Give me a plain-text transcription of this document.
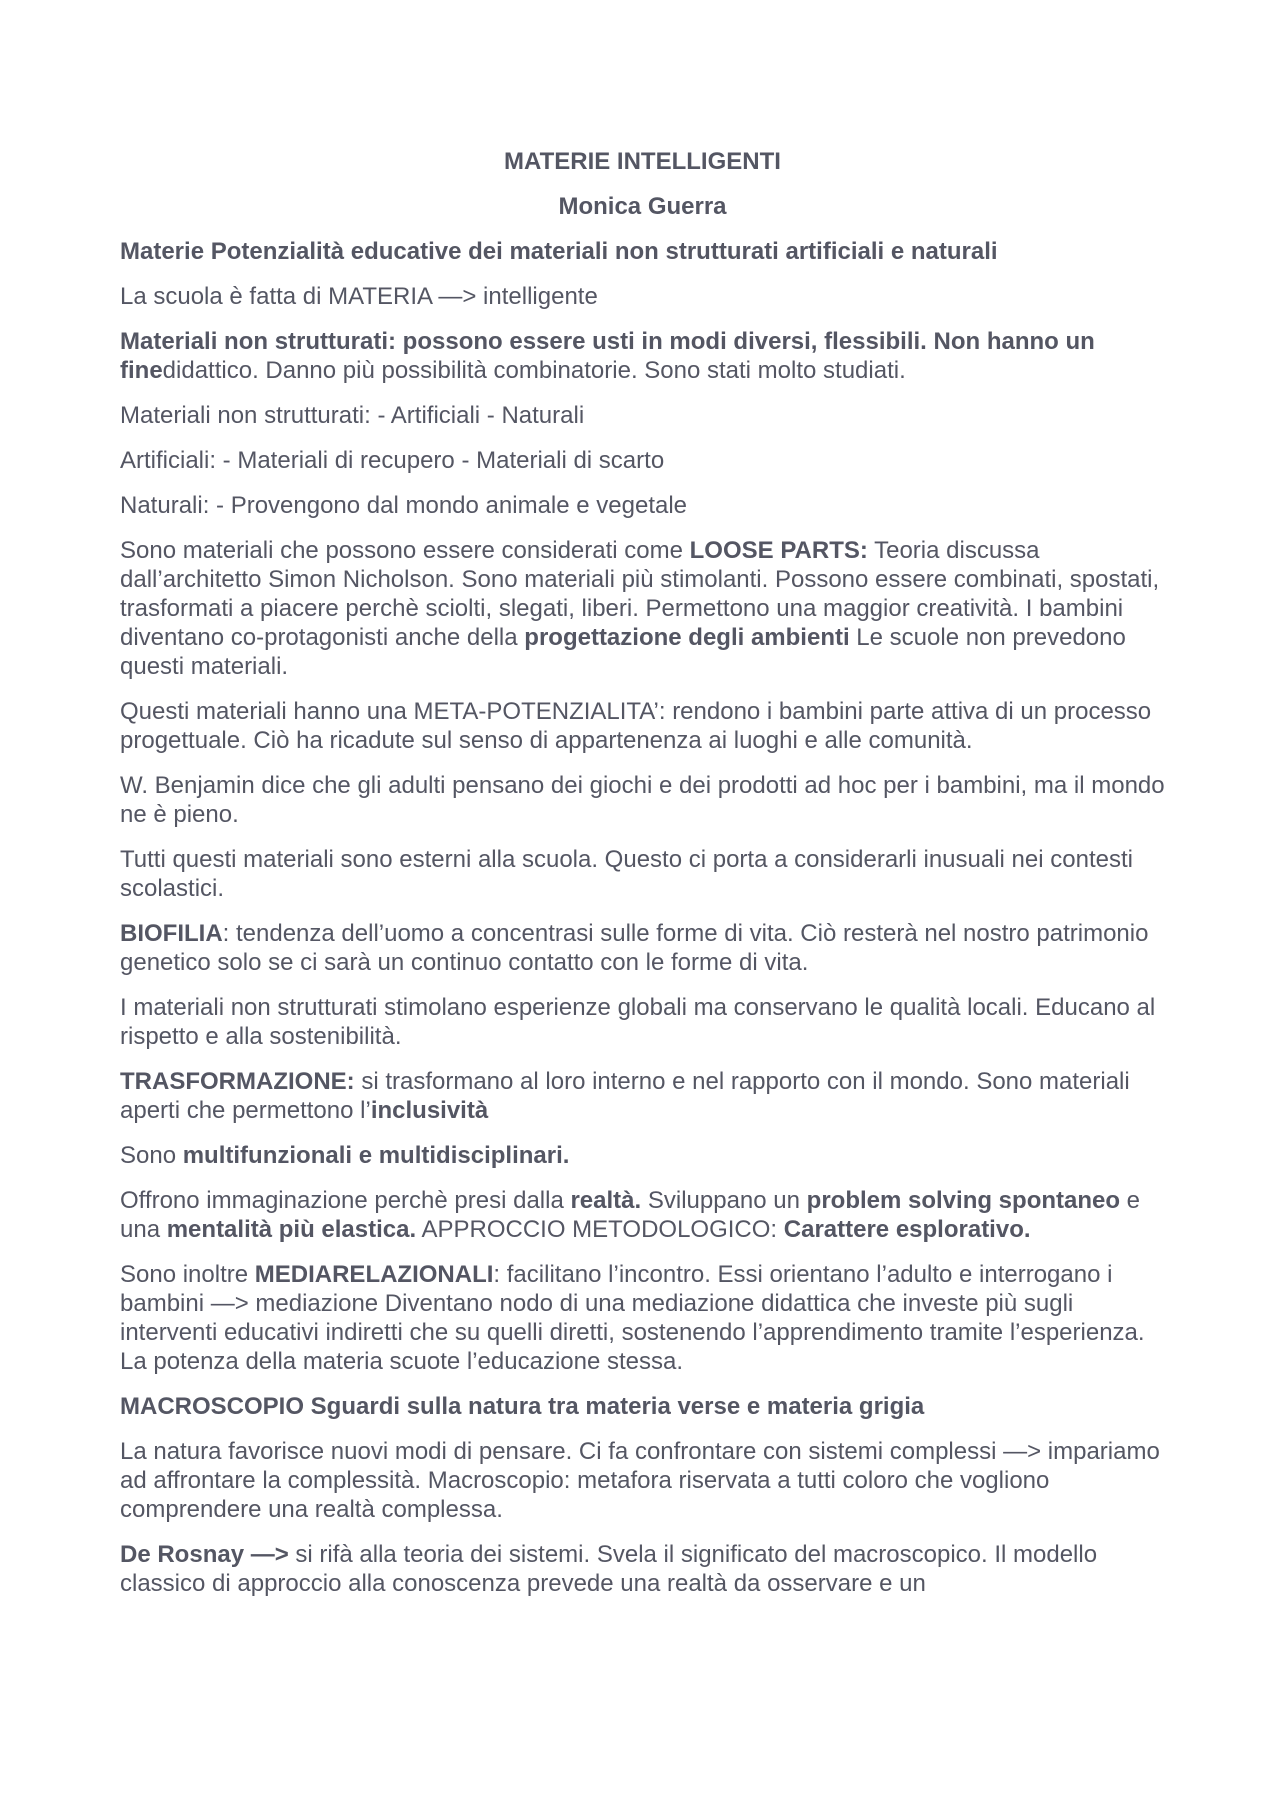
MATERIE INTELLIGENTI
Monica Guerra

Materie Potenzialità educative dei materiali non strutturati artificiali e naturali

La scuola è fatta di MATERIA —> intelligente

Materiali non strutturati: possono essere usti in modi diversi, flessibili. Non hanno un finedidattico. Danno più possibilità combinatorie. Sono stati molto studiati.

Materiali non strutturati: - Artificiali - Naturali

Artificiali: - Materiali di recupero - Materiali di scarto

Naturali: - Provengono dal mondo animale e vegetale

Sono materiali che possono essere considerati come LOOSE PARTS: Teoria discussa dall’architetto Simon Nicholson. Sono materiali più stimolanti. Possono essere combinati, spostati, trasformati a piacere perchè sciolti, slegati, liberi. Permettono una maggior creatività. I bambini diventano co-protagonisti anche della progettazione degli ambienti Le scuole non prevedono questi materiali.

Questi materiali hanno una META-POTENZIALITA’: rendono i bambini parte attiva di un processo progettuale. Ciò ha ricadute sul senso di appartenenza ai luoghi e alle comunità.

W. Benjamin dice che gli adulti pensano dei giochi e dei prodotti ad hoc per i bambini, ma il mondo ne è pieno.

Tutti questi materiali sono esterni alla scuola. Questo ci porta a considerarli inusuali nei contesti scolastici.

BIOFILIA: tendenza dell’uomo a concentrasi sulle forme di vita. Ciò resterà nel nostro patrimonio genetico solo se ci sarà un continuo contatto con le forme di vita.

I materiali non strutturati stimolano esperienze globali ma conservano le qualità locali. Educano al rispetto e alla sostenibilità.

TRASFORMAZIONE: si trasformano al loro interno e nel rapporto con il mondo. Sono materiali aperti che permettono l’inclusività

Sono multifunzionali e multidisciplinari.

Offrono immaginazione perchè presi dalla realtà. Sviluppano un problem solving spontaneo e una mentalità più elastica. APPROCCIO METODOLOGICO: Carattere esplorativo.

Sono inoltre MEDIARELAZIONALI: facilitano l’incontro. Essi orientano l’adulto e interrogano i bambini —> mediazione Diventano nodo di una mediazione didattica che investe più sugli interventi educativi indiretti che su quelli diretti, sostenendo l’apprendimento tramite l’esperienza. La potenza della materia scuote l’educazione stessa.

MACROSCOPIO Sguardi sulla natura tra materia verse e materia grigia

La natura favorisce nuovi modi di pensare. Ci fa confrontare con sistemi complessi —> impariamo ad affrontare la complessità. Macroscopio: metafora riservata a tutti coloro che vogliono comprendere una realtà complessa.

De Rosnay —> si rifà alla teoria dei sistemi. Svela il significato del macroscopico. Il modello classico di approccio alla conoscenza prevede una realtà da osservare e un
